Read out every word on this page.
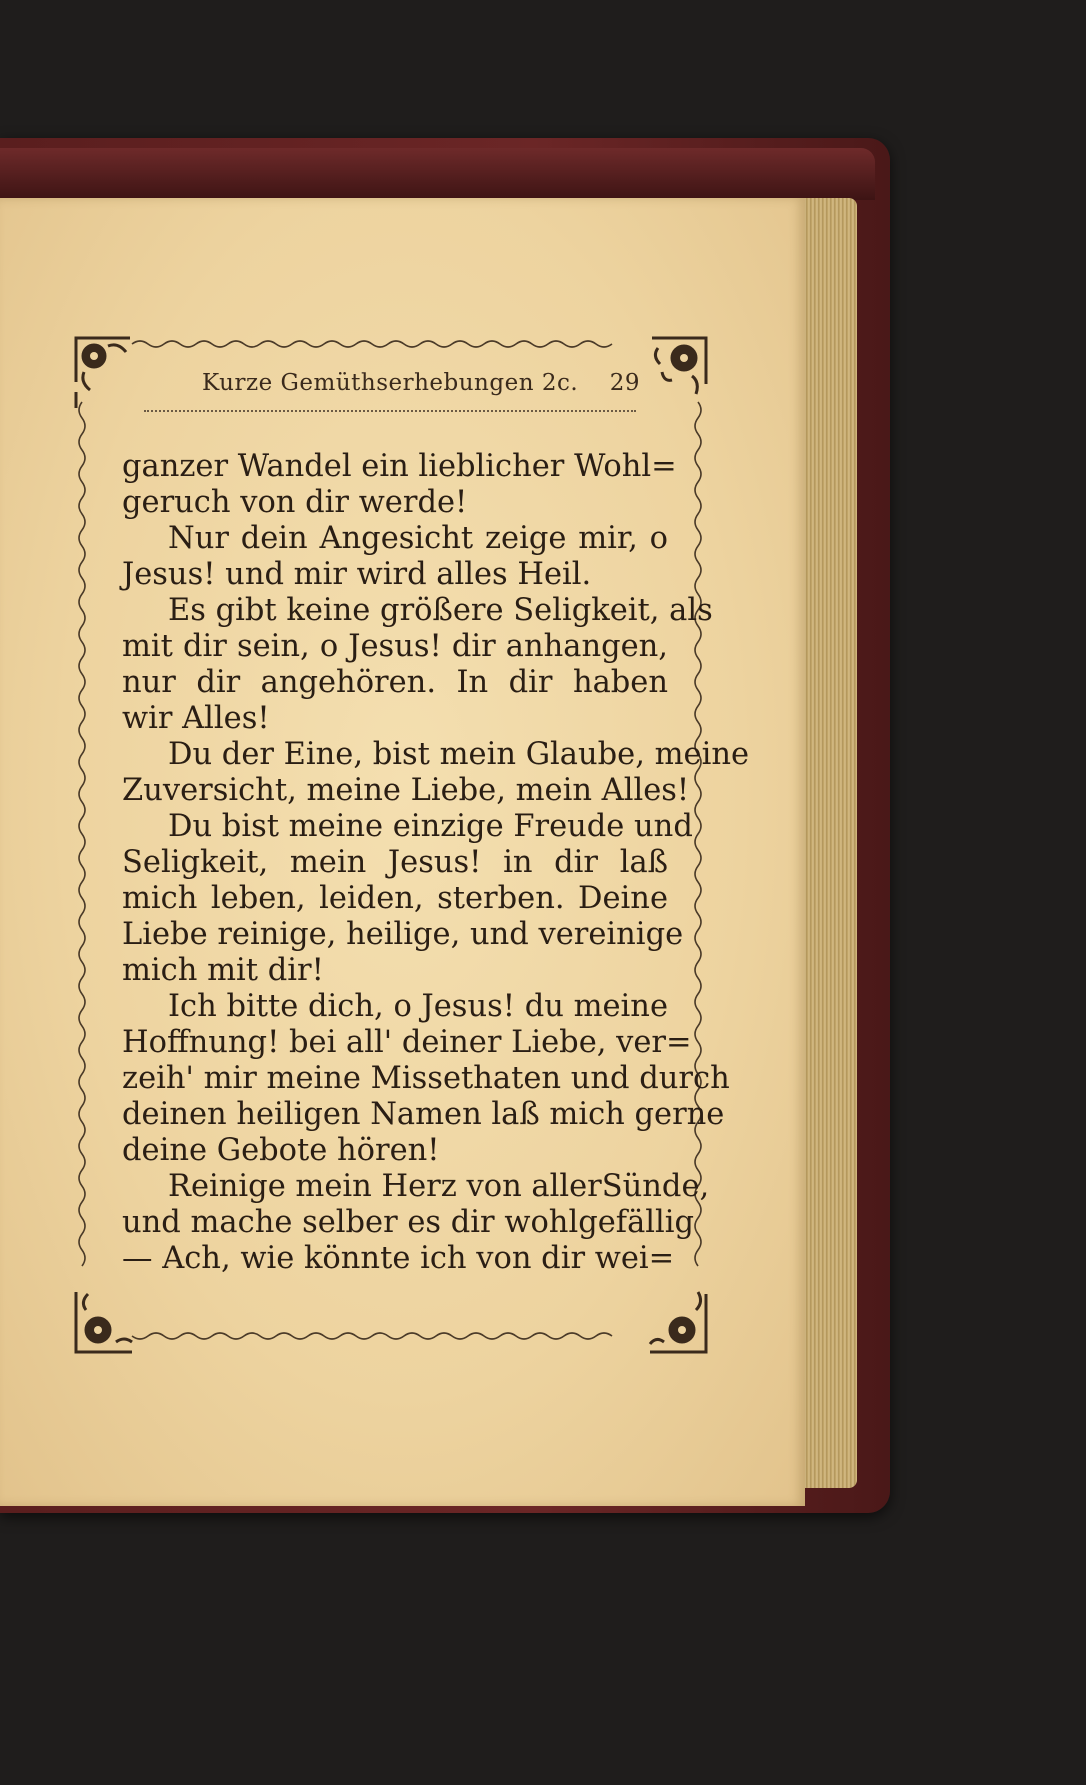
Kurze Gemüthserhebungen 2c. 29
ganzer Wandel ein lieblicher Wohl=
geruch von dir werde!
Nur dein Angesicht zeige mir, o
Jesus! und mir wird alles Heil.
Es gibt keine größere Seligkeit, als
mit dir sein, o Jesus! dir anhangen,
nur dir angehören. In dir haben
wir Alles!
Du der Eine, bist mein Glaube, meine
Zuversicht, meine Liebe, mein Alles!
Du bist meine einzige Freude und
Seligkeit, mein Jesus! in dir laß
mich leben, leiden, sterben. Deine
Liebe reinige, heilige, und vereinige
mich mit dir!
Ich bitte dich, o Jesus! du meine
Hoffnung! bei all' deiner Liebe, ver=
zeih' mir meine Missethaten und durch
deinen heiligen Namen laß mich gerne
deine Gebote hören!
Reinige mein Herz von allerSünde,
und mache selber es dir wohlgefällig
— Ach, wie könnte ich von dir wei=
